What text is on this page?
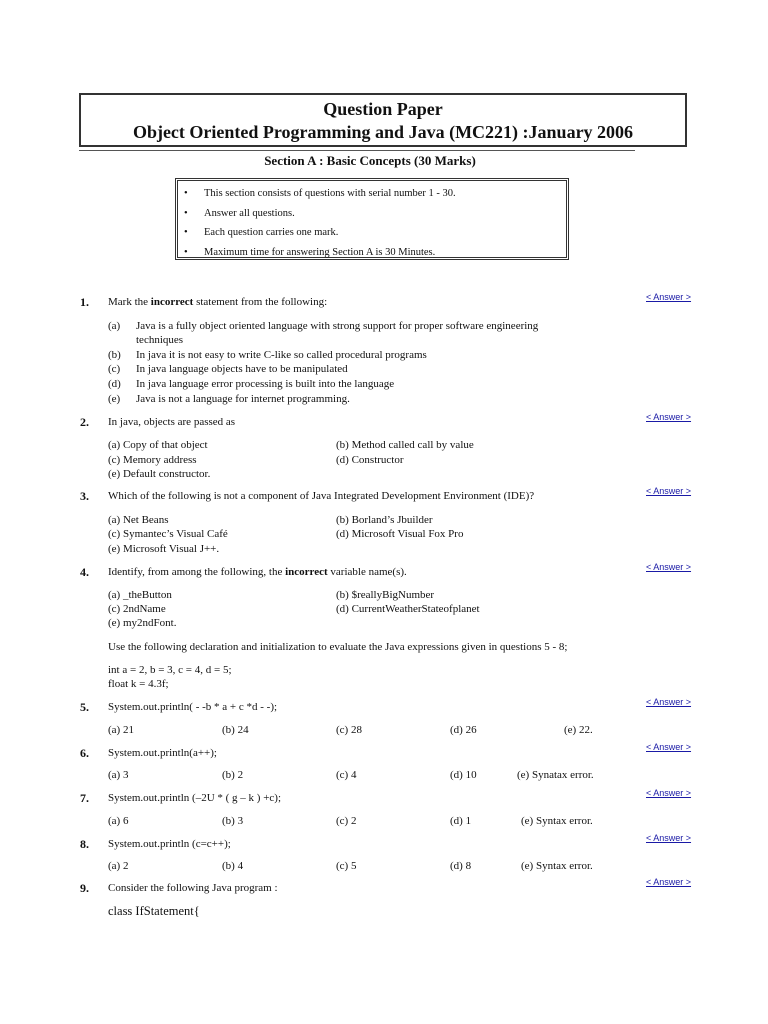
Question Paper
Object Oriented Programming and Java (MC221) :January 2006
Section A : Basic Concepts (30 Marks)
• This section consists of questions with serial number 1 - 30.
• Answer all questions.
• Each question carries one mark.
• Maximum time for answering Section A is 30 Minutes.
1. Mark the incorrect statement from the following:	< Answer >
(a) Java is a fully object oriented language with strong support for proper software engineering
techniques
(b) In java it is not easy to write C-like so called procedural programs
(c) In java language objects have to be manipulated
(d) In java language error processing is built into the language
(e) Java is not a language for internet programming.
2. In java, objects are passed as	< Answer >
(a) Copy of that object	(b) Method called call by value
(c) Memory address	(d) Constructor
(e) Default constructor.
3. Which of the following is not a component of Java Integrated Development Environment (IDE)?	< Answer >
(a) Net Beans	(b) Borland’s Jbuilder
(c) Symantec’s Visual Café	(d) Microsoft Visual Fox Pro
(e) Microsoft Visual J++.
4. Identify, from among the following, the incorrect variable name(s).	< Answer >
(a) _theButton	(b) $reallyBigNumber
(c) 2ndName	(d) CurrentWeatherStateofplanet
(e) my2ndFont.
Use the following declaration and initialization to evaluate the Java expressions given in questions 5 - 8;
int a = 2, b = 3, c = 4, d = 5;
float k = 4.3f;
5. System.out.println( - -b * a + c *d - -);	< Answer >
(a) 21	(b) 24	(c) 28	(d) 26	(e) 22.
6. System.out.println(a++);	< Answer >
(a) 3	(b) 2	(c) 4	(d) 10	(e) Synatax error.
7. System.out.println (–2U * ( g – k ) +c);	< Answer >
(a) 6	(b) 3	(c) 2	(d) 1	(e) Syntax error.
8. System.out.println (c=c++);	< Answer >
(a) 2	(b) 4	(c) 5	(d) 8	(e) Syntax error.
9. Consider the following Java program :	< Answer >
class IfStatement{
